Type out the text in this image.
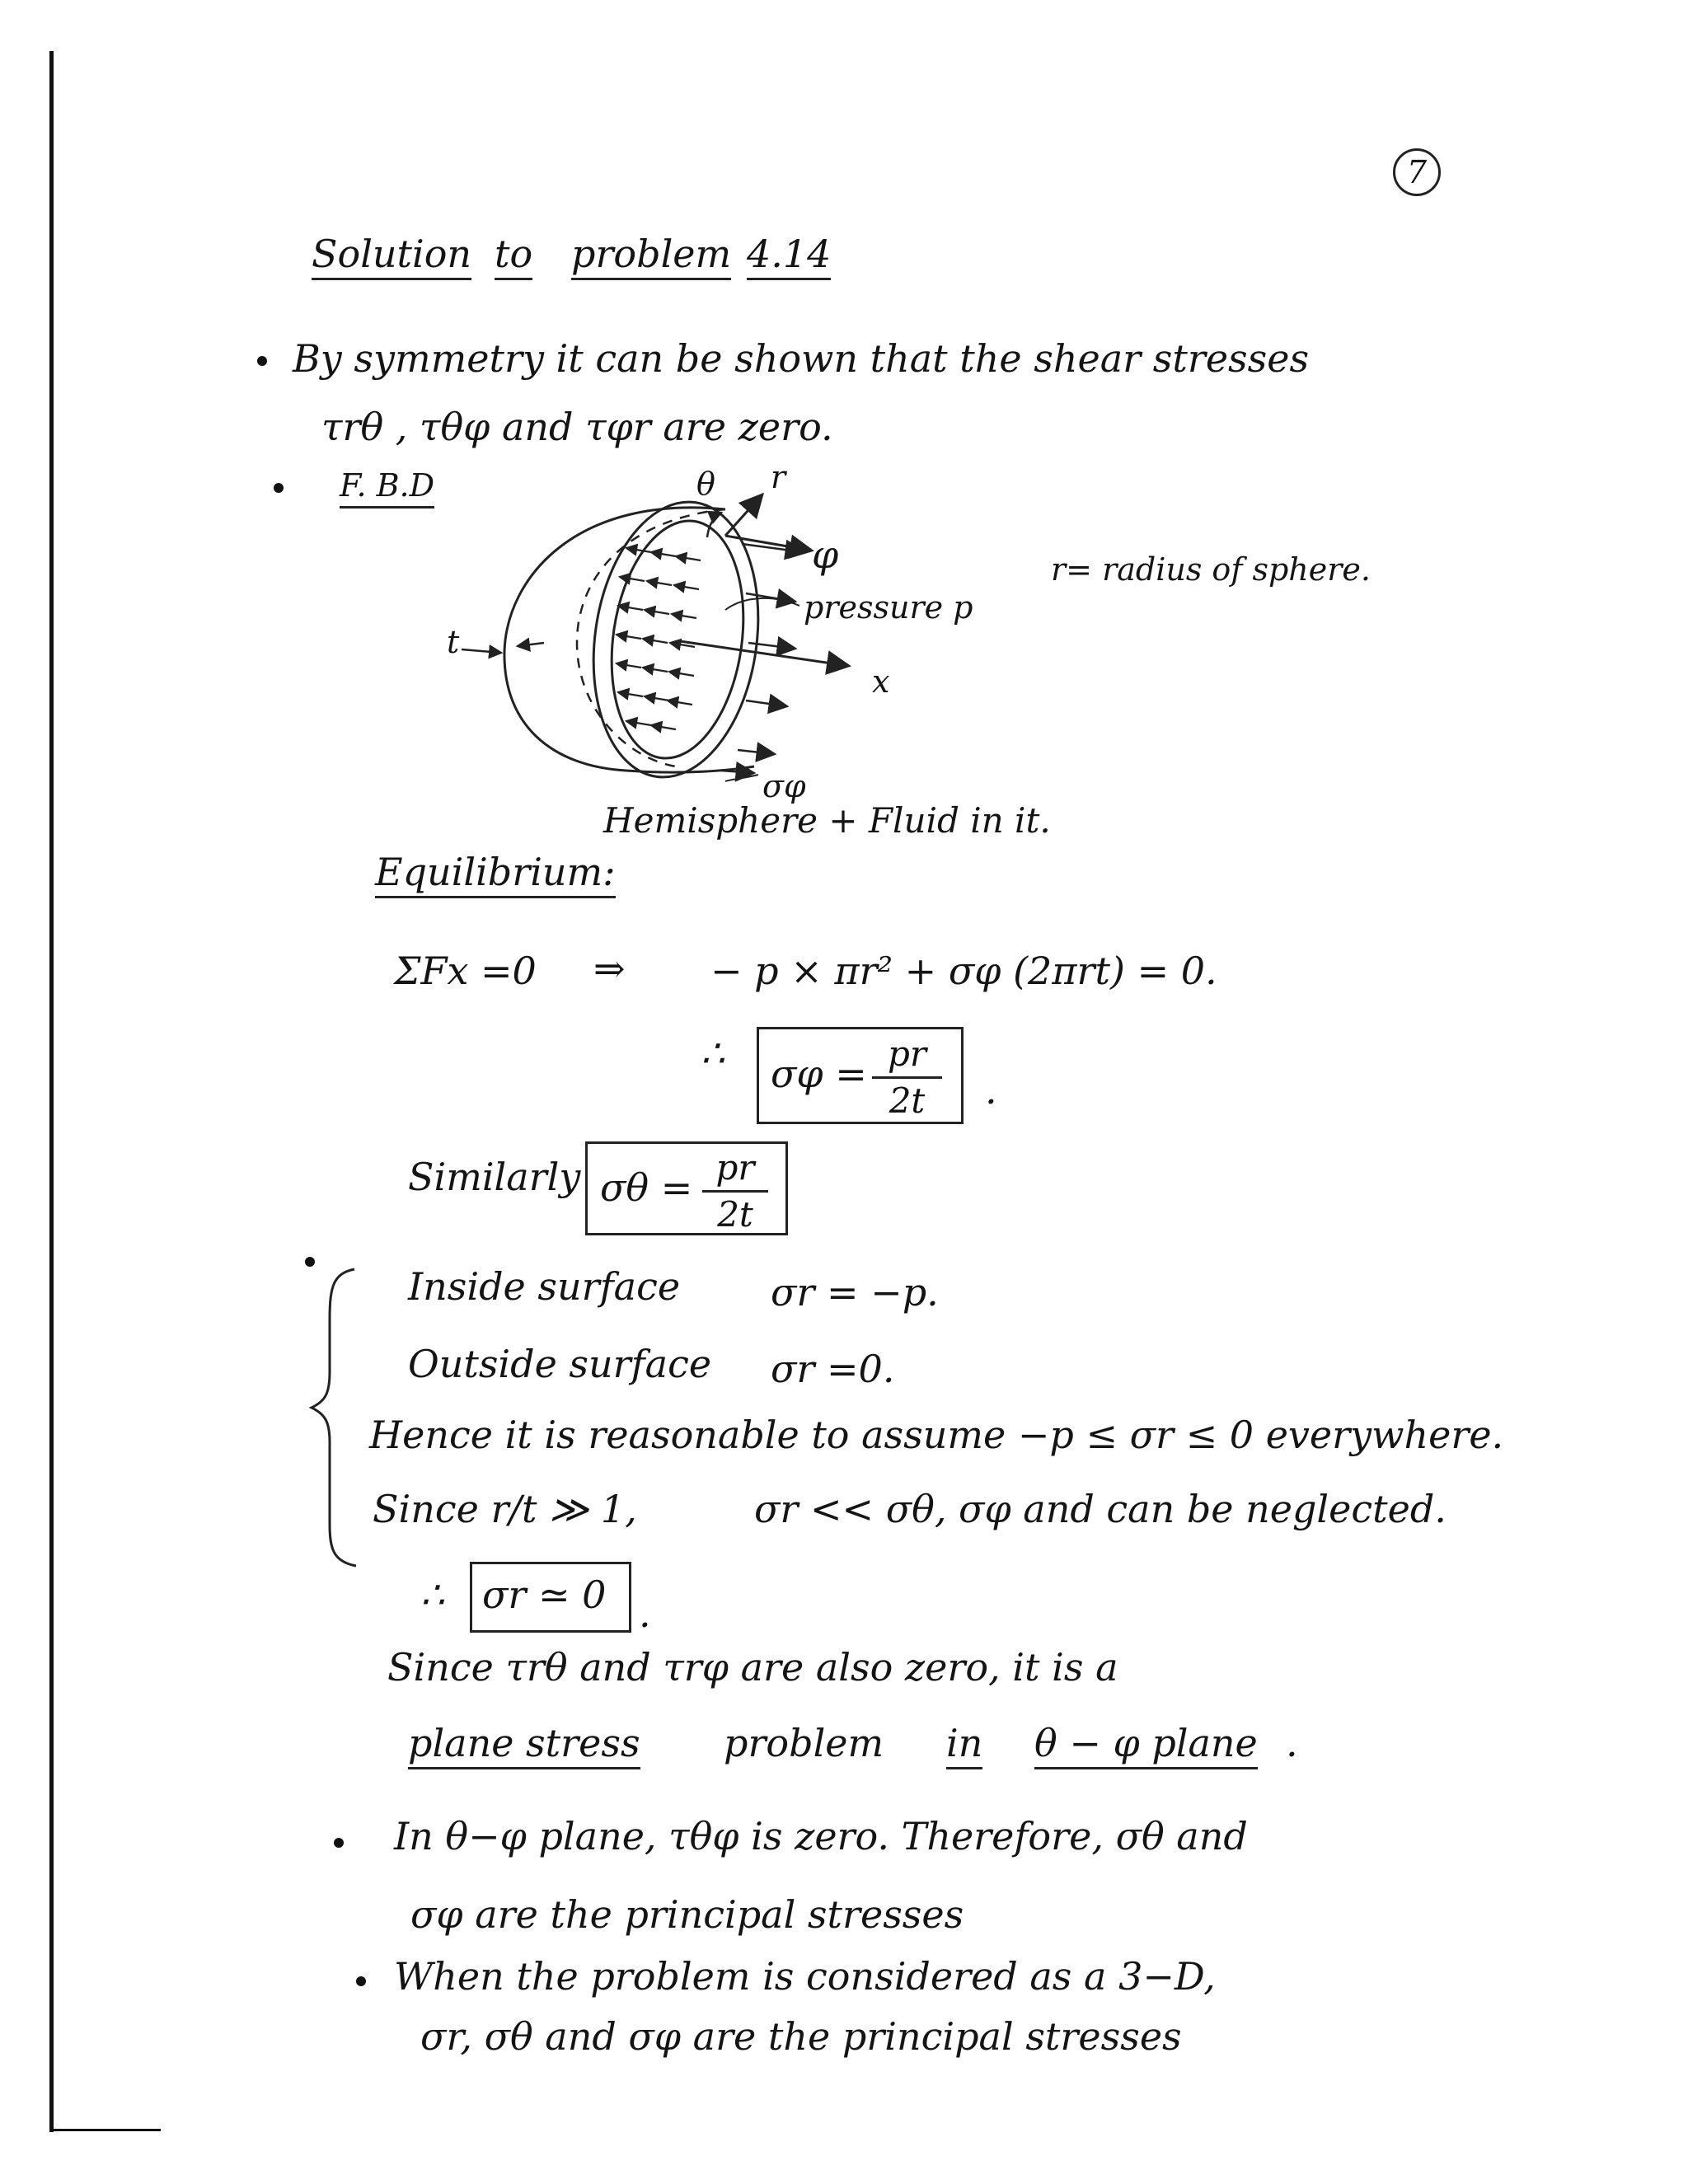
7
Solution to problem 4.14
By symmetry it can be shown that the shear stresses
τrθ , τθφ and τφr are zero.
F. B.D	θ r
φ
pressure p
x
t
σφ
Hemisphere + Fluid in it.
r= radius of sphere.
Equilibrium:
ΣFx =0 ⇒ − p × πr² + σφ (2πrt) = 0.
∴ σφ = pr
2t .
Similarly σθ = pr
2t
Inside surface σr = −p.
Outside surface σr =0.
Hence it is reasonable to assume −p ≤ σr ≤ 0 everywhere.
Since r/t ≫ 1,	σr << σθ, σφ and can be neglected.
∴ σr ≃ 0 .
Since τrθ and τrφ are also zero, it is a
plane stress problem in θ − φ plane .
In θ−φ plane, τθφ is zero. Therefore, σθ and
σφ are the principal stresses
When the problem is considered as a 3−D,
σr, σθ and σφ are the principal stresses
